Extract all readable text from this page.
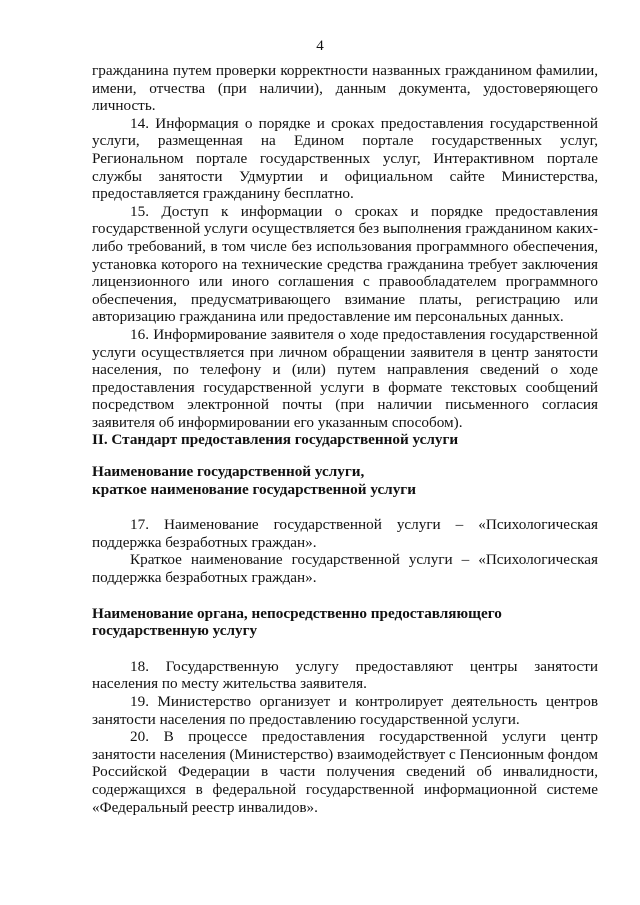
4

гражданина путем проверки корректности названных гражданином фамилии, имени, отчества (при наличии), данным документа, удостоверяющего личность.

14. Информация о порядке и сроках предоставления государственной услуги, размещенная на Едином портале государственных услуг, Региональном портале государственных услуг, Интерактивном портале службы занятости Удмуртии и официальном сайте Министерства, предоставляется гражданину бесплатно.

15. Доступ к информации о сроках и порядке предоставления государственной услуги осуществляется без выполнения гражданином каких-либо требований, в том числе без использования программного обеспечения, установка которого на технические средства гражданина требует заключения лицензионного или иного соглашения с правообладателем программного обеспечения, предусматривающего взимание платы, регистрацию или авторизацию гражданина или предоставление им персональных данных.

16. Информирование заявителя о ходе предоставления государственной услуги осуществляется при личном обращении заявителя в центр занятости населения, по телефону и (или) путем направления сведений о ходе предоставления государственной услуги в формате текстовых сообщений посредством электронной почты (при наличии письменного согласия заявителя об информировании его указанным способом).

II. Стандарт предоставления государственной услуги

Наименование государственной услуги,

краткое наименование государственной услуги

17. Наименование государственной услуги – «Психологическая поддержка безработных граждан».

Краткое наименование государственной услуги – «Психологическая поддержка безработных граждан».

Наименование органа, непосредственно предоставляющего

государственную услугу

18. Государственную услугу предоставляют центры занятости населения по месту жительства заявителя.

19. Министерство организует и контролирует деятельность центров занятости населения по предоставлению государственной услуги.

20. В процессе предоставления государственной услуги центр занятости населения (Министерство) взаимодействует с Пенсионным фондом Российской Федерации в части получения сведений об инвалидности, содержащихся в федеральной государственной информационной системе «Федеральный реестр инвалидов».
